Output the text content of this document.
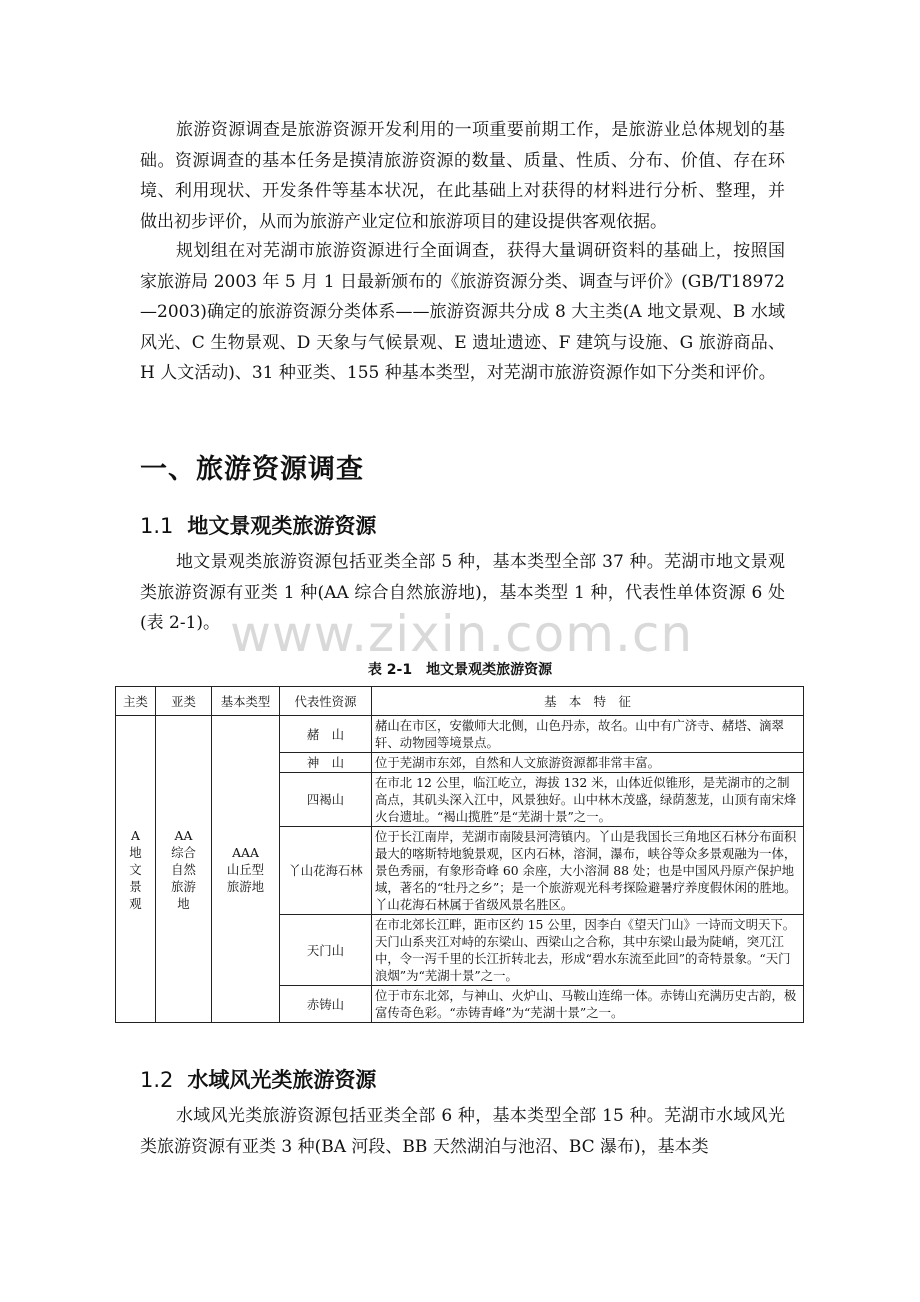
旅游资源调查是旅游资源开发利用的一项重要前期工作，是旅游业总体规划的基础。资源调查的基本任务是摸清旅游资源的数量、质量、性质、分布、价值、存在环境、利用现状、开发条件等基本状况，在此基础上对获得的材料进行分析、整理，并做出初步评价，从而为旅游产业定位和旅游项目的建设提供客观依据。

规划组在对芜湖市旅游资源进行全面调查，获得大量调研资料的基础上，按照国家旅游局 2003 年 5 月 1 日最新颁布的《旅游资源分类、调查与评价》(GB/T18972—2003)确定的旅游资源分类体系——旅游资源共分成 8 大主类(A 地文景观、B 水域风光、C 生物景观、D 天象与气候景观、E 遗址遗迹、F 建筑与设施、G 旅游商品、H 人文活动)、31 种亚类、155 种基本类型，对芜湖市旅游资源作如下分类和评价。

一、旅游资源调查
1.1 地文景观类旅游资源

地文景观类旅游资源包括亚类全部 5 种，基本类型全部 37 种。芜湖市地文景观类旅游资源有亚类 1 种(AA 综合自然旅游地)，基本类型 1 种，代表性单体资源 6 处(表 2-1)。 www.zixin.com.cn

表 2-1　地文景观类旅游资源

主类	亚类	基本类型	代表性资源	基　本　特　征

A
地
文
景
观	AA
综合
自然
旅游
地	AAA
山丘型
旅游地	赭　山	赭山在市区，安徽师大北侧，山色丹赤，故名。山中有广济寺、赭塔、滴翠轩、动物园等境景点。
			神　山	位于芜湖市东郊，自然和人文旅游资源都非常丰富。
			四褐山	在市北 12 公里，临江屹立，海拔 132 米，山体近似锥形，是芜湖市的之制高点，其矶头深入江中，风景独好。山中林木茂盛，绿荫葱茏，山顶有南宋烽火台遗址。“褐山揽胜”是“芜湖十景”之一。
			丫山花海石林	位于长江南岸，芜湖市南陵县河湾镇内。丫山是我国长三角地区石林分布面积最大的喀斯特地貌景观，区内石林，溶洞，瀑布，峡谷等众多景观融为一体，景色秀丽，有象形奇峰 60 余座，大小溶洞 88 处；也是中国风丹原产保护地域，著名的“牡丹之乡”；是一个旅游观光科考探险避暑疗养度假休闲的胜地。丫山花海石林属于省级风景名胜区。
			天门山	在市北郊长江畔，距市区约 15 公里，因李白《望天门山》一诗而文明天下。天门山系夹江对峙的东梁山、西梁山之合称，其中东梁山最为陡峭，突兀江中，令一泻千里的长江折转北去，形成“碧水东流至此回”的奇特景象。“天门浪烟”为“芜湖十景”之一。
			赤铸山	位于市东北郊，与神山、火炉山、马鞍山连绵一体。赤铸山充满历史古韵，极富传奇色彩。“赤铸青峰”为“芜湖十景”之一。
1.2 水域风光类旅游资源

水域风光类旅游资源包括亚类全部 6 种，基本类型全部 15 种。芜湖市水域风光类旅游资源有亚类 3 种(BA 河段、BB 天然湖泊与池沼、BC 瀑布)，基本类
